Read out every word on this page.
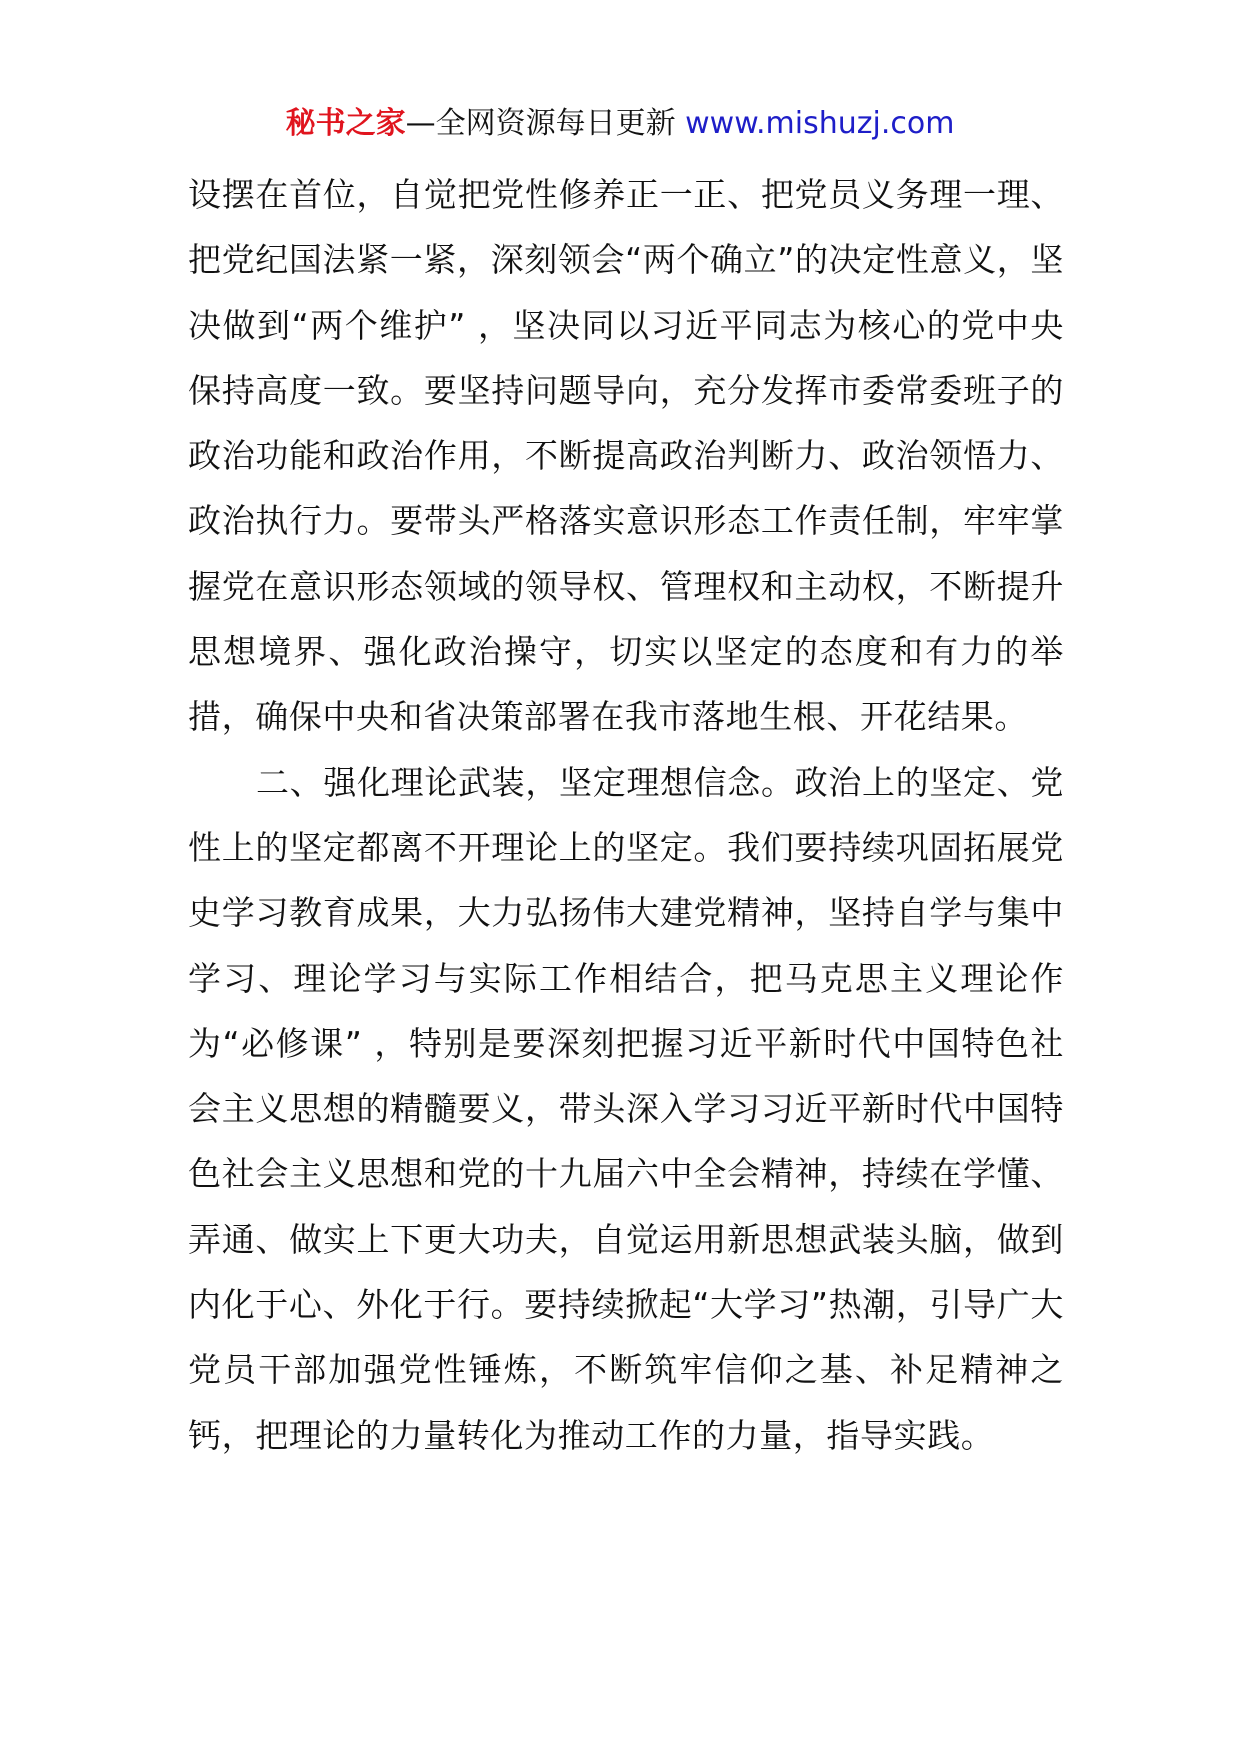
秘书之家—全网资源每日更新 www.mishuzj.com

设摆在首位，自觉把党性修养正一正、把党员义务理一理、把党纪国法紧一紧，深刻领会“两个确立”的决定性意义，坚决做到“两个维护” ，坚决同以习近平同志为核心的党中央保持高度一致。要坚持问题导向，充分发挥市委常委班子的政治功能和政治作用，不断提高政治判断力、政治领悟力、政治执行力。要带头严格落实意识形态工作责任制，牢牢掌握党在意识形态领域的领导权、管理权和主动权，不断提升思想境界、强化政治操守，切实以坚定的态度和有力的举措，确保中央和省决策部署在我市落地生根、开花结果。

二、强化理论武装，坚定理想信念。政治上的坚定、党性上的坚定都离不开理论上的坚定。我们要持续巩固拓展党史学习教育成果，大力弘扬伟大建党精神，坚持自学与集中学习、理论学习与实际工作相结合，把马克思主义理论作为“必修课” ，特别是要深刻把握习近平新时代中国特色社会主义思想的精髓要义，带头深入学习习近平新时代中国特色社会主义思想和党的十九届六中全会精神，持续在学懂、弄通、做实上下更大功夫，自觉运用新思想武装头脑，做到内化于心、外化于行。要持续掀起“大学习”热潮，引导广大党员干部加强党性锤炼，不断筑牢信仰之基、补足精神之钙，把理论的力量转化为推动工作的力量，指导实践。
